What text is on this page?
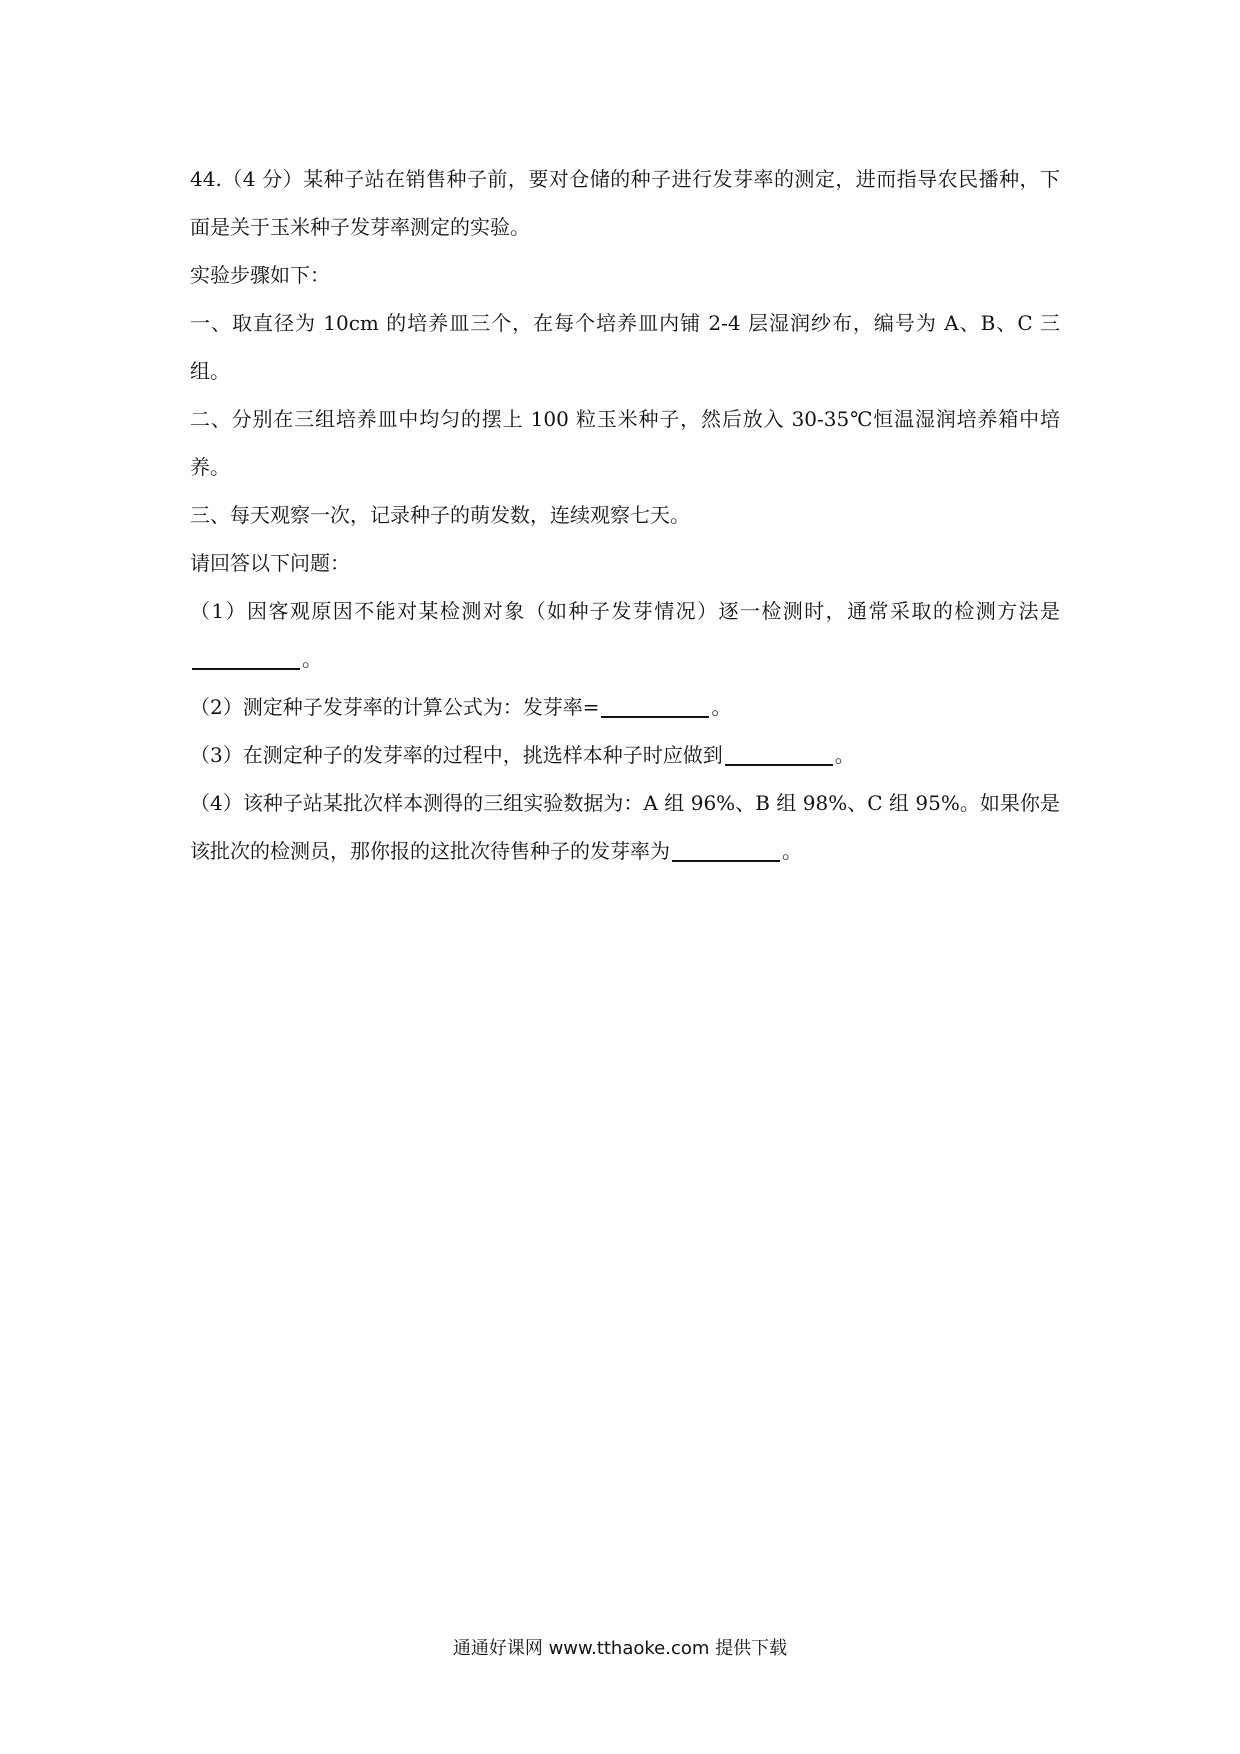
44.（4 分）某种子站在销售种子前，要对仓储的种子进行发芽率的测定，进而指导农民播种，下面是关于玉米种子发芽率测定的实验。

实验步骤如下：

一、取直径为 10cm 的培养皿三个，在每个培养皿内铺 2-4 层湿润纱布，编号为 A、B、C 三组。

二、分别在三组培养皿中均匀的摆上 100 粒玉米种子，然后放入 30-35℃恒温湿润培养箱中培养。

三、每天观察一次，记录种子的萌发数，连续观察七天。

请回答以下问题：

（1）因客观原因不能对某检测对象（如种子发芽情况）逐一检测时，通常采取的检测方法是。

（2）测定种子发芽率的计算公式为：发芽率=	。

（3）在测定种子的发芽率的过程中，挑选样本种子时应做到	。

（4）该种子站某批次样本测得的三组实验数据为：A 组 96%、B 组 98%、C 组 95%。如果你是该批次的检测员，那你报的这批次待售种子的发芽率为	。

通通好课网 www.tthaoke.com 提供下载
